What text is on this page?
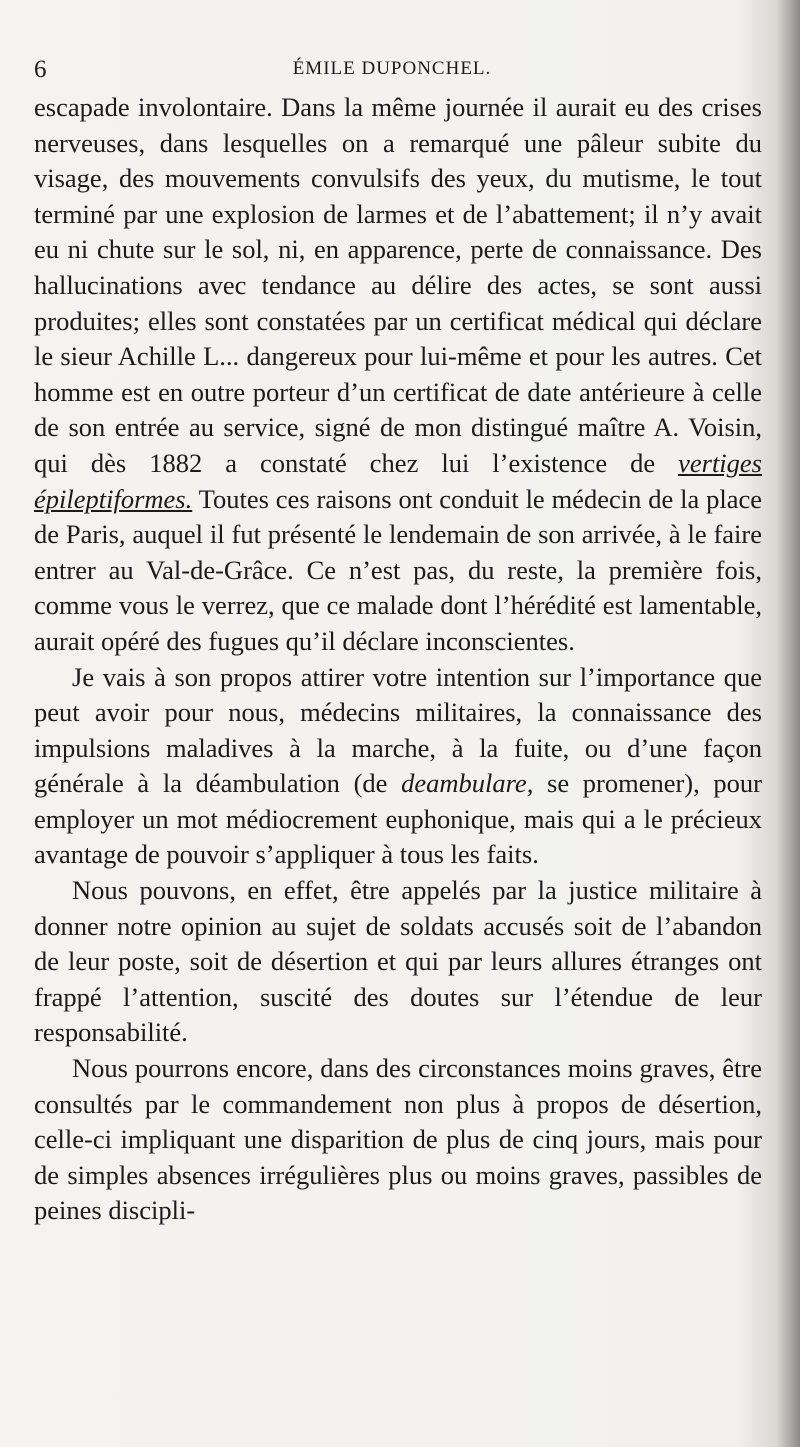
6	ÉMILE DUPONCHEL.

escapade involontaire. Dans la même journée il aurait eu des crises nerveuses, dans lesquelles on a remarqué une pâleur subite du visage, des mouvements convulsifs des yeux, du mutisme, le tout terminé par une explosion de larmes et de l’abattement; il n’y avait eu ni chute sur le sol, ni, en apparence, perte de connaissance. Des hallucinations avec tendance au délire des actes, se sont aussi produites; elles sont constatées par un certificat médical qui déclare le sieur Achille L... dangereux pour lui-même et pour les autres. Cet homme est en outre porteur d’un certificat de date antérieure à celle de son entrée au service, signé de mon distingué maître A. Voisin, qui dès 1882 a constaté chez lui l’existence de vertiges épileptiformes. Toutes ces raisons ont conduit le médecin de la place de Paris, auquel il fut présenté le lendemain de son arrivée, à le faire entrer au Val-de-Grâce. Ce n’est pas, du reste, la première fois, comme vous le verrez, que ce malade dont l’hérédité est lamentable, aurait opéré des fugues qu’il déclare inconscientes.

Je vais à son propos attirer votre intention sur l’importance que peut avoir pour nous, médecins militaires, la connaissance des impulsions maladives à la marche, à la fuite, ou d’une façon générale à la déambulation (de deambulare, se promener), pour employer un mot médiocrement euphonique, mais qui a le précieux avantage de pouvoir s’appliquer à tous les faits.

Nous pouvons, en effet, être appelés par la justice militaire à donner notre opinion au sujet de soldats accusés soit de l’abandon de leur poste, soit de désertion et qui par leurs allures étranges ont frappé l’attention, suscité des doutes sur l’étendue de leur responsabilité.

Nous pourrons encore, dans des circonstances moins graves, être consultés par le commandement non plus à propos de désertion, celle-ci impliquant une disparition de plus de cinq jours, mais pour de simples absences irrégulières plus ou moins graves, passibles de peines discipli-
